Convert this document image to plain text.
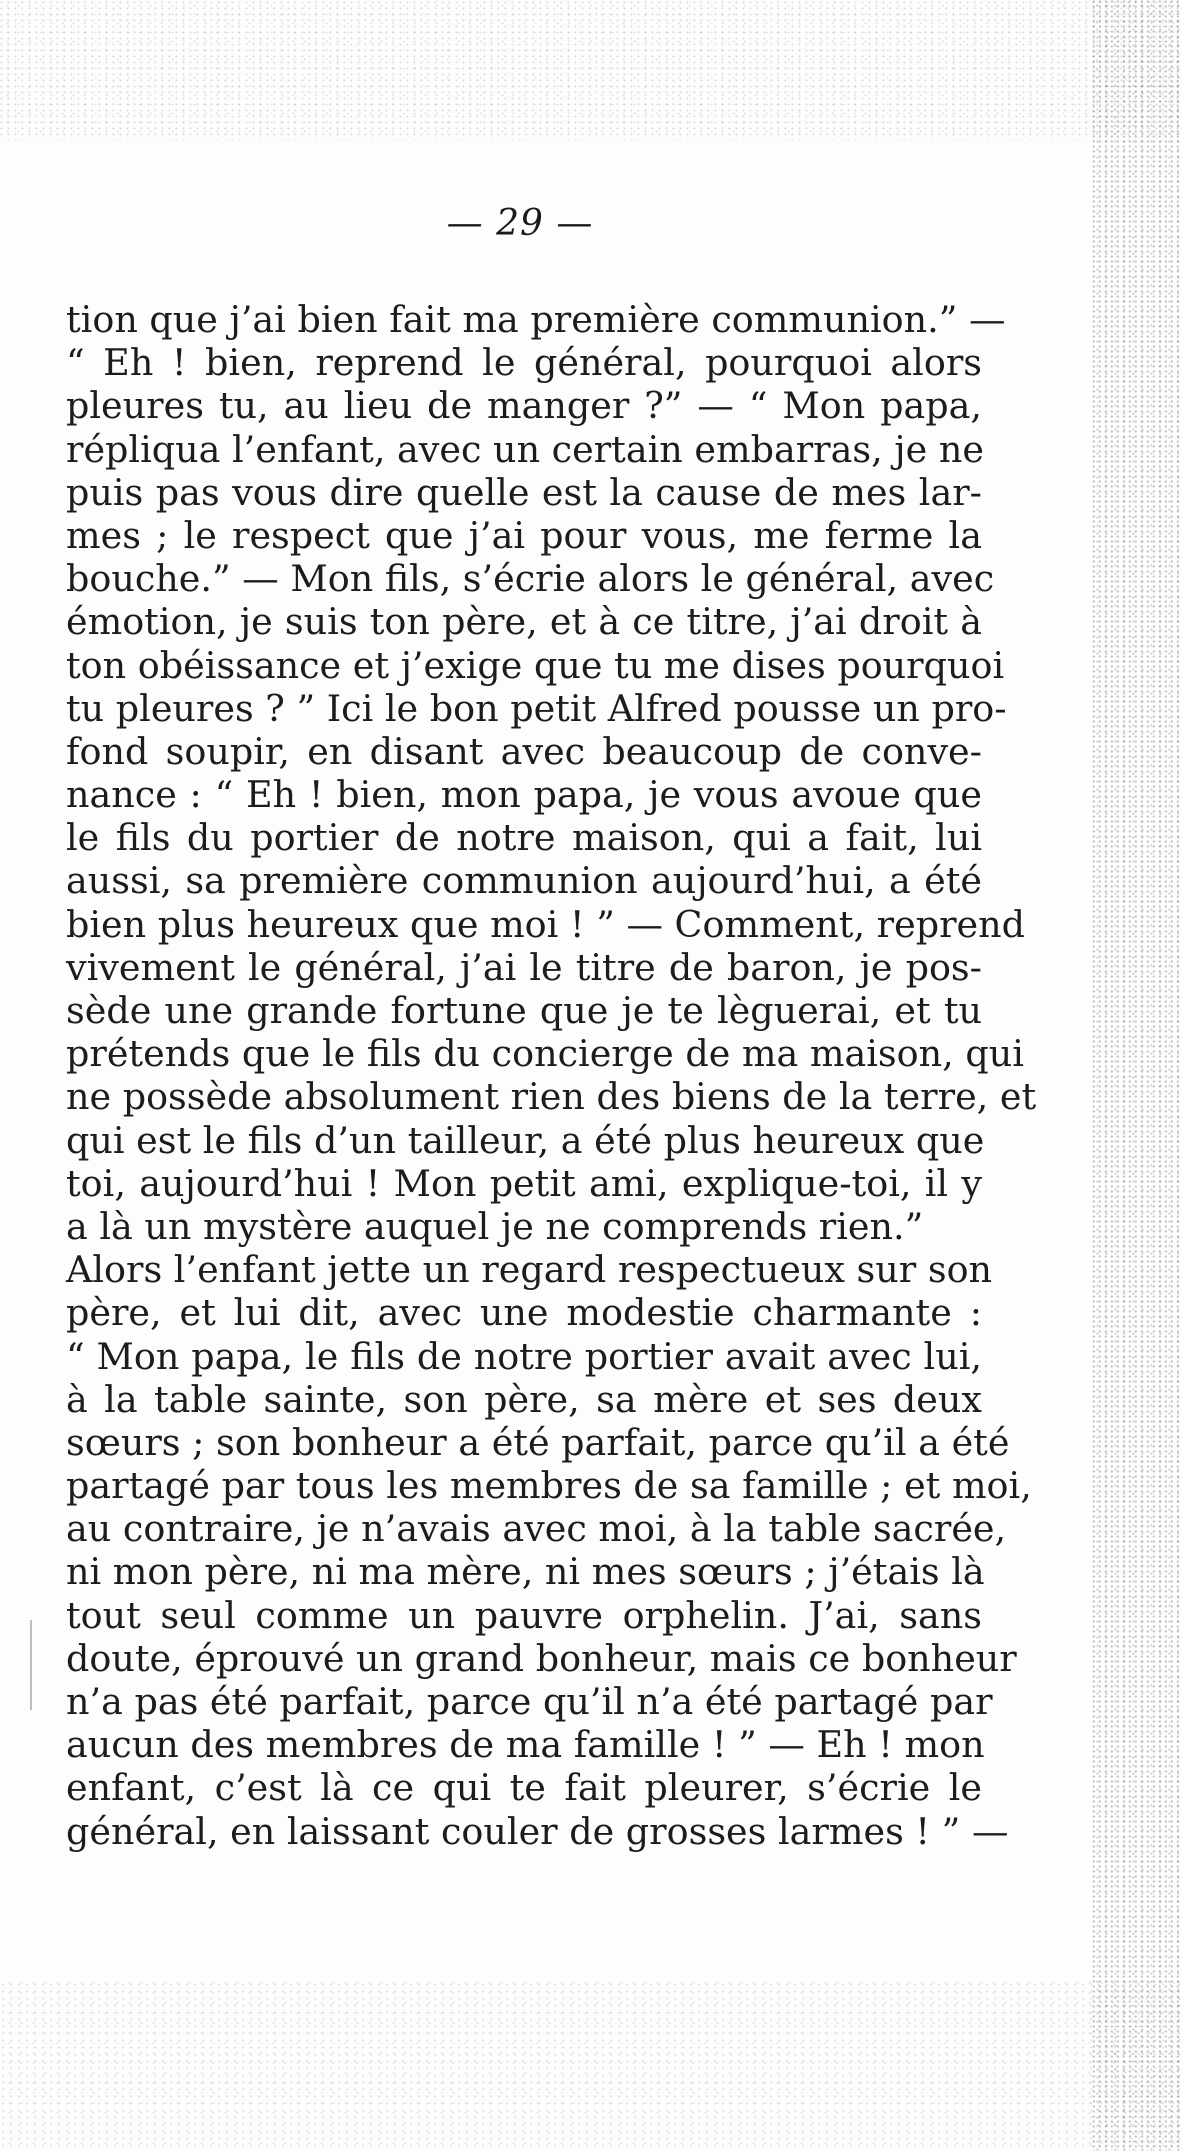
— 29 —
tion que j’ai bien fait ma première communion.” —
“ Eh ! bien, reprend le général, pourquoi alors
pleures tu, au lieu de manger ?” — “ Mon papa,
répliqua l’enfant, avec un certain embarras, je ne
puis pas vous dire quelle est la cause de mes lar-
mes ; le respect que j’ai pour vous, me ferme la
bouche.” — Mon fils, s’écrie alors le général, avec
émotion, je suis ton père, et à ce titre, j’ai droit à
ton obéissance et j’exige que tu me dises pourquoi
tu pleures ? ” Ici le bon petit Alfred pousse un pro-
fond soupir, en disant avec beaucoup de conve-
nance : “ Eh ! bien, mon papa, je vous avoue que
le fils du portier de notre maison, qui a fait, lui
aussi, sa première communion aujourd’hui, a été
bien plus heureux que moi ! ” — Comment, reprend
vivement le général, j’ai le titre de baron, je pos-
sède une grande fortune que je te lèguerai, et tu
prétends que le fils du concierge de ma maison, qui
ne possède absolument rien des biens de la terre, et
qui est le fils d’un tailleur, a été plus heureux que
toi, aujourd’hui ! Mon petit ami, explique-toi, il y
a là un mystère auquel je ne comprends rien.”
Alors l’enfant jette un regard respectueux sur son
père, et lui dit, avec une modestie charmante :
“ Mon papa, le fils de notre portier avait avec lui,
à la table sainte, son père, sa mère et ses deux
sœurs ; son bonheur a été parfait, parce qu’il a été
partagé par tous les membres de sa famille ; et moi,
au contraire, je n’avais avec moi, à la table sacrée,
ni mon père, ni ma mère, ni mes sœurs ; j’étais là
tout seul comme un pauvre orphelin. J’ai, sans
doute, éprouvé un grand bonheur, mais ce bonheur
n’a pas été parfait, parce qu’il n’a été partagé par
aucun des membres de ma famille ! ” — Eh ! mon
enfant, c’est là ce qui te fait pleurer, s’écrie le
général, en laissant couler de grosses larmes ! ” —
